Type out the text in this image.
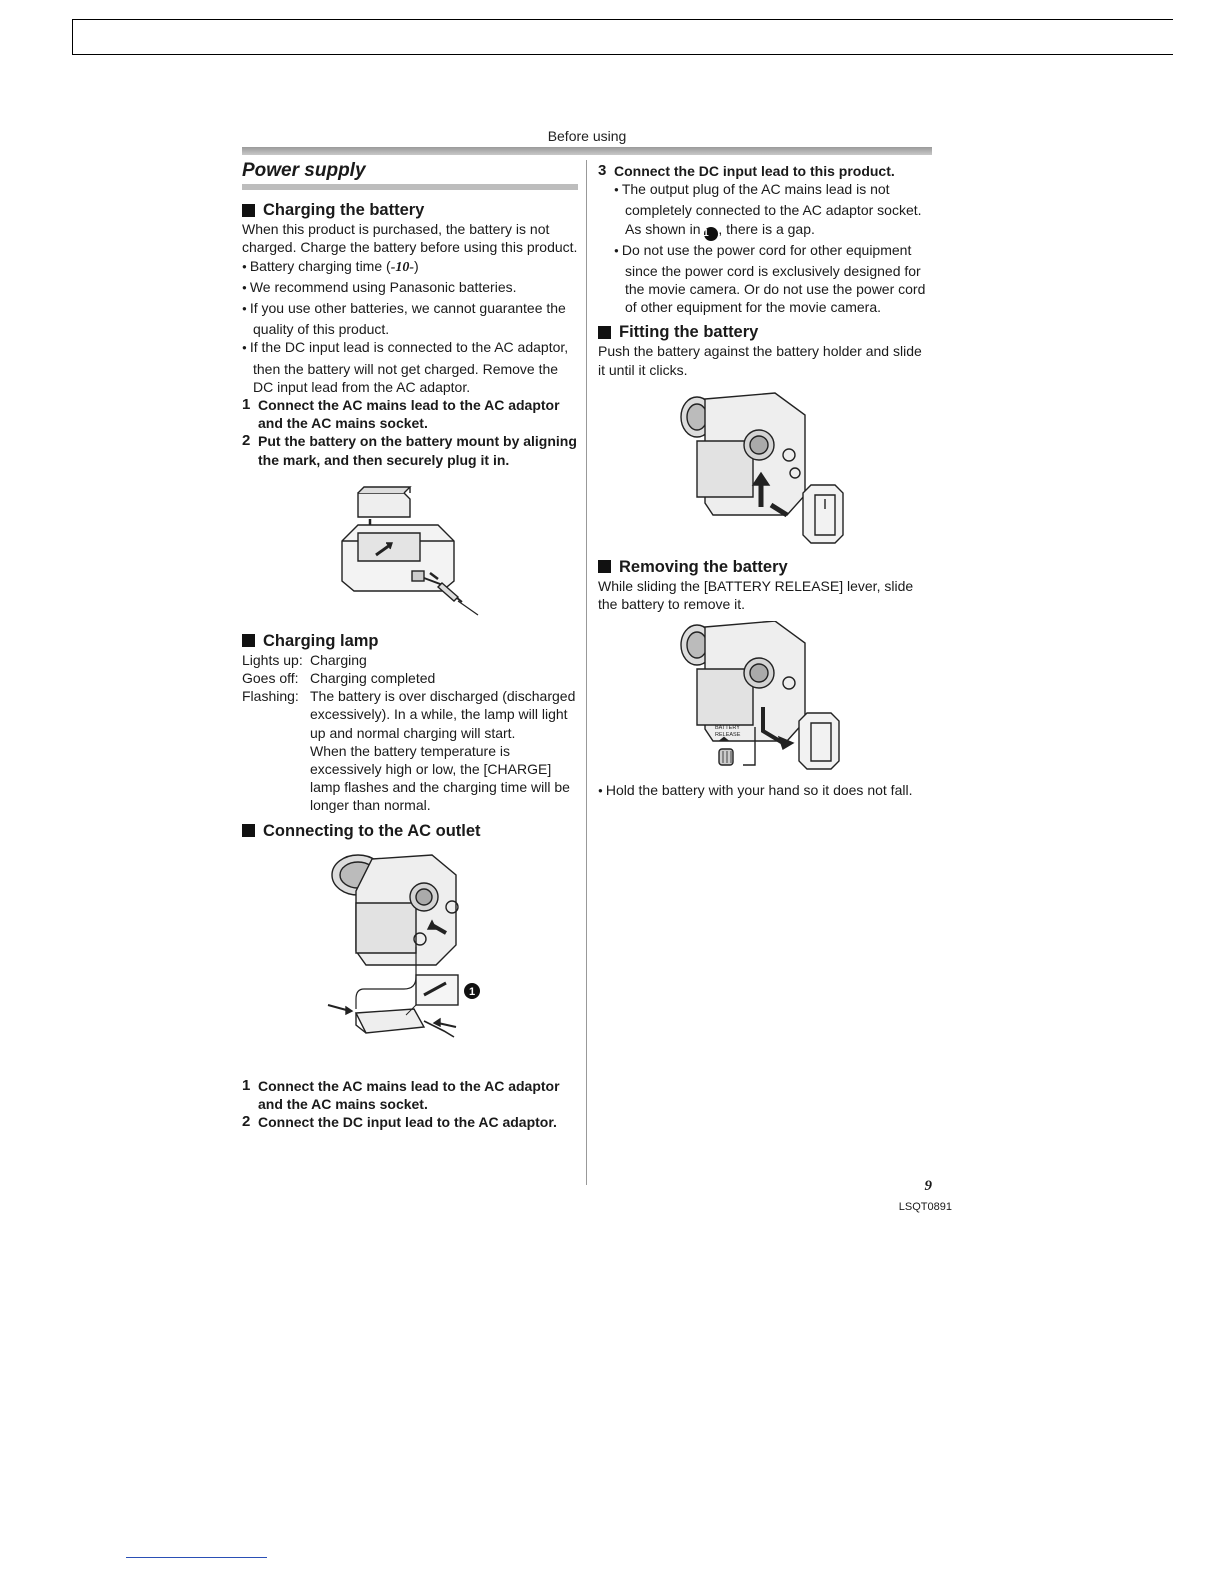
Before using
Power supply
Charging the battery

When this product is purchased, the battery is not charged. Charge the battery before using this product.

● Battery charging time (-10-)

● We recommend using Panasonic batteries.

● If you use other batteries, we cannot guarantee the quality of this product.

● If the DC input lead is connected to the AC adaptor, then the battery will not get charged. Remove the DC input lead from the AC adaptor.

1 Connect the AC mains lead to the AC adaptor and the AC mains socket.
2 Put the battery on the battery mount by aligning the mark, and then securely plug it in.
Charging lamp
Lights up: Charging
Goes off: Charging completed
Flashing: The battery is over discharged (discharged excessively). In a while, the lamp will light up and normal charging will start.

When the battery temperature is excessively high or low, the [CHARGE] lamp flashes and the charging time will be longer than normal.

Connecting to the AC outlet
1
1 Connect the AC mains lead to the AC adaptor and the AC mains socket.
2 Connect the DC input lead to the AC adaptor.
3 Connect the DC input lead to this product.

● The output plug of the AC mains lead is not completely connected to the AC adaptor socket. As shown in 1 , there is a gap.

● Do not use the power cord for other equipment since the power cord is exclusively designed for the movie camera. Or do not use the power cord of other equipment for the movie camera.

Fitting the battery

Push the battery against the battery holder and slide it until it clicks.

Removing the battery

While sliding the [BATTERY RELEASE] lever, slide the battery to remove it.

BATTERY
RELEASE

● Hold the battery with your hand so it does not fall.

9
LSQT0891
